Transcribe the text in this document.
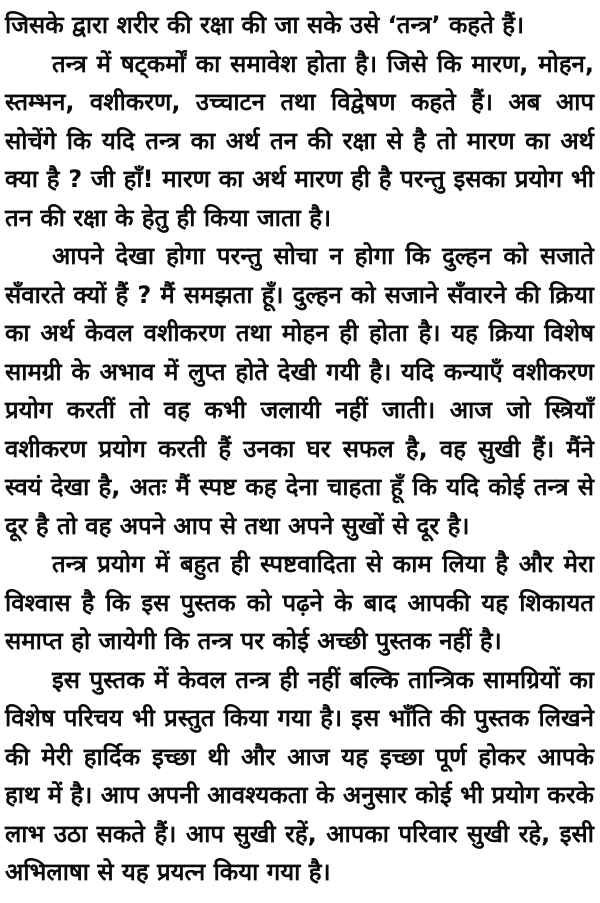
जिसके द्वारा शरीर की रक्षा की जा सके उसे ‘तन्त्र’ कहते हैं।

तन्त्र में षट्कर्मों का समावेश होता है। जिसे कि मारण, मोहन, स्तम्भन, वशीकरण, उच्चाटन तथा विद्वेषण कहते हैं। अब आप सोचेंगे कि यदि तन्त्र का अर्थ तन की रक्षा से है तो मारण का अर्थ क्या है ? जी हाँ! मारण का अर्थ मारण ही है परन्तु इसका प्रयोग भी तन की रक्षा के हेतु ही किया जाता है।

आपने देखा होगा परन्तु सोचा न होगा कि दुल्हन को सजाते सँवारते क्यों हैं ? मैं समझता हूँ। दुल्हन को सजाने सँवारने की क्रिया का अर्थ केवल वशीकरण तथा मोहन ही होता है। यह क्रिया विशेष सामग्री के अभाव में लुप्त होते देखी गयी है। यदि कन्याएँ वशीकरण प्रयोग करतीं तो वह कभी जलायी नहीं जाती। आज जो स्त्रियाँ वशीकरण प्रयोग करती हैं उनका घर सफल है, वह सुखी हैं। मैंने स्वयं देखा है, अतः मैं स्पष्ट कह देना चाहता हूँ कि यदि कोई तन्त्र से दूर है तो वह अपने आप से तथा अपने सुखों से दूर है।

तन्त्र प्रयोग में बहुत ही स्पष्टवादिता से काम लिया है और मेरा विश्वास है कि इस पुस्तक को पढ़ने के बाद आपकी यह शिकायत समाप्त हो जायेगी कि तन्त्र पर कोई अच्छी पुस्तक नहीं है।

इस पुस्तक में केवल तन्त्र ही नहीं बल्कि तान्त्रिक सामग्रियों का विशेष परिचय भी प्रस्तुत किया गया है। इस भाँति की पुस्तक लिखने की मेरी हार्दिक इच्छा थी और आज यह इच्छा पूर्ण होकर आपके हाथ में है। आप अपनी आवश्यकता के अनुसार कोई भी प्रयोग करके लाभ उठा सकते हैं। आप सुखी रहें, आपका परिवार सुखी रहे, इसी अभिलाषा से यह प्रयत्न किया गया है।
